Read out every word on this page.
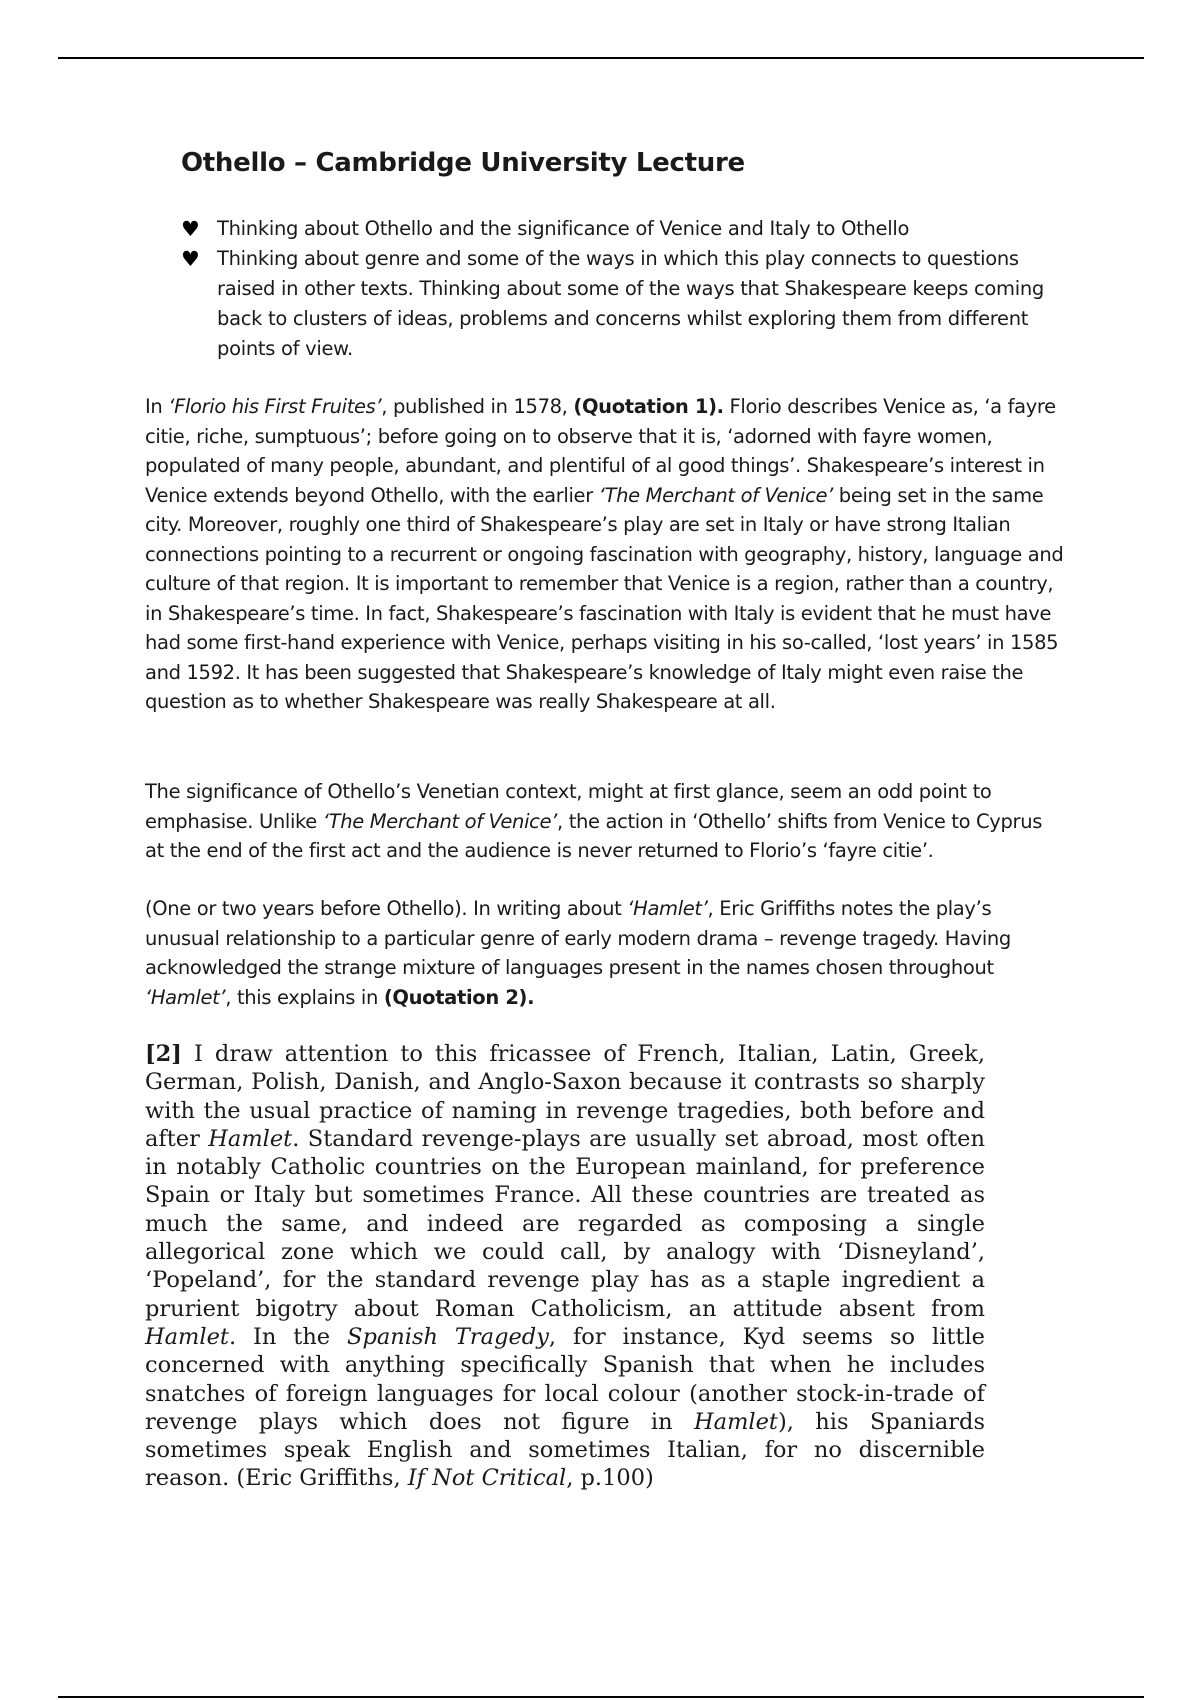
Othello – Cambridge University Lecture
♥ Thinking about Othello and the significance of Venice and Italy to Othello
♥ Thinking about genre and some of the ways in which this play connects to questions raised in other texts. Thinking about some of the ways that Shakespeare keeps coming back to clusters of ideas, problems and concerns whilst exploring them from different points of view.

In ‘Florio his First Fruites’, published in 1578, (Quotation 1). Florio describes Venice as, ‘a fayre citie, riche, sumptuous’; before going on to observe that it is, ‘adorned with fayre women, populated of many people, abundant, and plentiful of al good things’. Shakespeare’s interest in Venice extends beyond Othello, with the earlier ‘The Merchant of Venice’ being set in the same city. Moreover, roughly one third of Shakespeare’s play are set in Italy or have strong Italian connections pointing to a recurrent or ongoing fascination with geography, history, language and culture of that region. It is important to remember that Venice is a region, rather than a country, in Shakespeare’s time. In fact, Shakespeare’s fascination with Italy is evident that he must have had some first-hand experience with Venice, perhaps visiting in his so-called, ‘lost years’ in 1585 and 1592. It has been suggested that Shakespeare’s knowledge of Italy might even raise the question as to whether Shakespeare was really Shakespeare at all.

The significance of Othello’s Venetian context, might at first glance, seem an odd point to emphasise. Unlike ‘The Merchant of Venice’, the action in ‘Othello’ shifts from Venice to Cyprus at the end of the first act and the audience is never returned to Florio’s ‘fayre citie’.

(One or two years before Othello). In writing about ‘Hamlet’, Eric Griffiths notes the play’s unusual relationship to a particular genre of early modern drama – revenge tragedy. Having acknowledged the strange mixture of languages present in the names chosen throughout ‘Hamlet’, this explains in (Quotation 2).

[2] I draw attention to this fricassee of French, Italian, Latin, Greek, German, Polish, Danish, and Anglo-Saxon because it contrasts so sharply with the usual practice of naming in revenge tragedies, both before and after Hamlet. Standard revenge-plays are usually set abroad, most often in notably Catholic countries on the European mainland, for preference Spain or Italy but sometimes France. All these countries are treated as much the same, and indeed are regarded as composing a single allegorical zone which we could call, by analogy with ‘Disneyland’, ‘Popeland’, for the standard revenge play has as a staple ingredient a prurient bigotry about Roman Catholicism, an attitude absent from Hamlet. In the Spanish Tragedy, for instance, Kyd seems so little concerned with anything specifically Spanish that when he includes snatches of foreign languages for local colour (another stock-in-trade of revenge plays which does not figure in Hamlet), his Spaniards sometimes speak English and sometimes Italian, for no discernible reason. (Eric Griffiths, If Not Critical, p.100)
